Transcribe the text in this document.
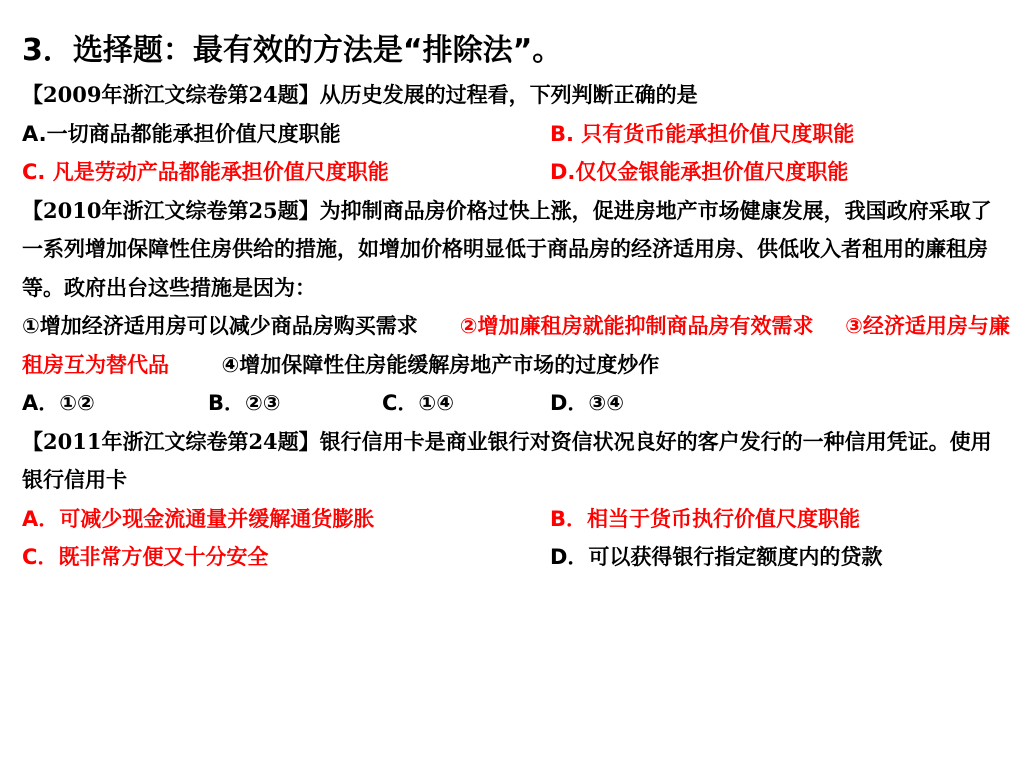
3．选择题：最有效的方法是“排除法”。

【2009年浙江文综卷第24题】从历史发展的过程看，下列判断正确的是

A.一切商品都能承担价值尺度职能	B. 只有货币能承担价值尺度职能
C. 凡是劳动产品都能承担价值尺度职能	D.仅仅金银能承担价值尺度职能

【2010年浙江文综卷第25题】为抑制商品房价格过快上涨，促进房地产市场健康发展，我国政府采取了一系列增加保障性住房供给的措施，如增加价格明显低于商品房的经济适用房、供低收入者租用的廉租房等。政府出台这些措施是因为：

①增加经济适用房可以减少商品房购买需求   ②增加廉租房就能抑制商品房有效需求   ③经济适用房与廉租房互为替代品   	④增加保障性住房能缓解房地产市场的过度炒作

A．①②	B．②③	C．①④	D．③④

【2011年浙江文综卷第24题】银行信用卡是商业银行对资信状况良好的客户发行的一种信用凭证。使用银行信用卡

A．可减少现金流通量并缓解通货膨胀	B．相当于货币执行价值尺度职能
C．既非常方便又十分安全	D．可以获得银行指定额度内的贷款
